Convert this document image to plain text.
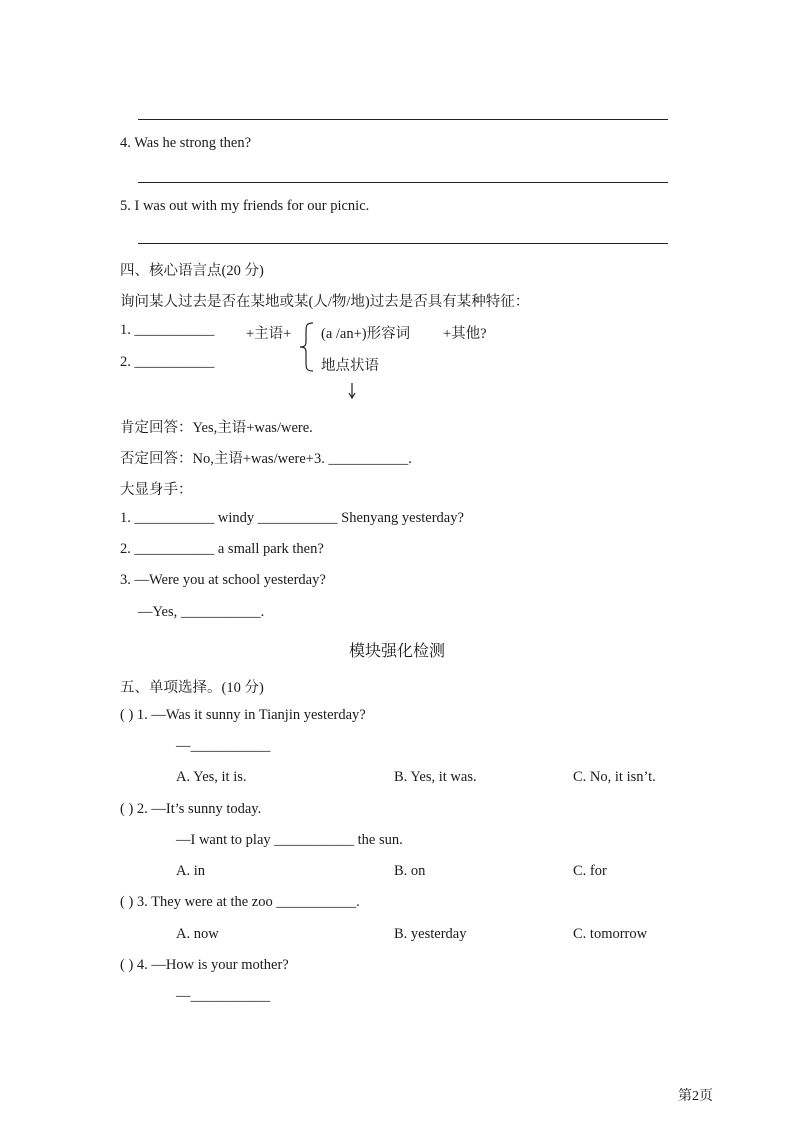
4. Was he strong then?
5. I was out with my friends for our picnic.
四、核心语言点(20 分)
询问某人过去是否在某地或某(人/物/地)过去是否具有某种特征：
1. ___________ +主语+ (a /an+)形容词 +其他?
2. ___________	地点状语
肯定回答：Yes,主语+was/were.
否定回答：No,主语+was/were+3. ___________.
大显身手：
1. ___________ windy ___________ Shenyang yesterday?
2. ___________ a small park then?
3. —Were you at school yesterday?
—Yes, ___________.
模块强化检测
五、单项选择。(10 分)
( ) 1. —Was it sunny in Tianjin yesterday?
—___________
A. Yes, it is.	B. Yes, it was.	C. No, it isn’t.
( ) 2. —It’s sunny today.
—I want to play ___________ the sun.
A. in	B. on	C. for
( ) 3. They were at the zoo ___________.
A. now	B. yesterday	C. tomorrow
( ) 4. —How is your mother?
—___________
第2页
